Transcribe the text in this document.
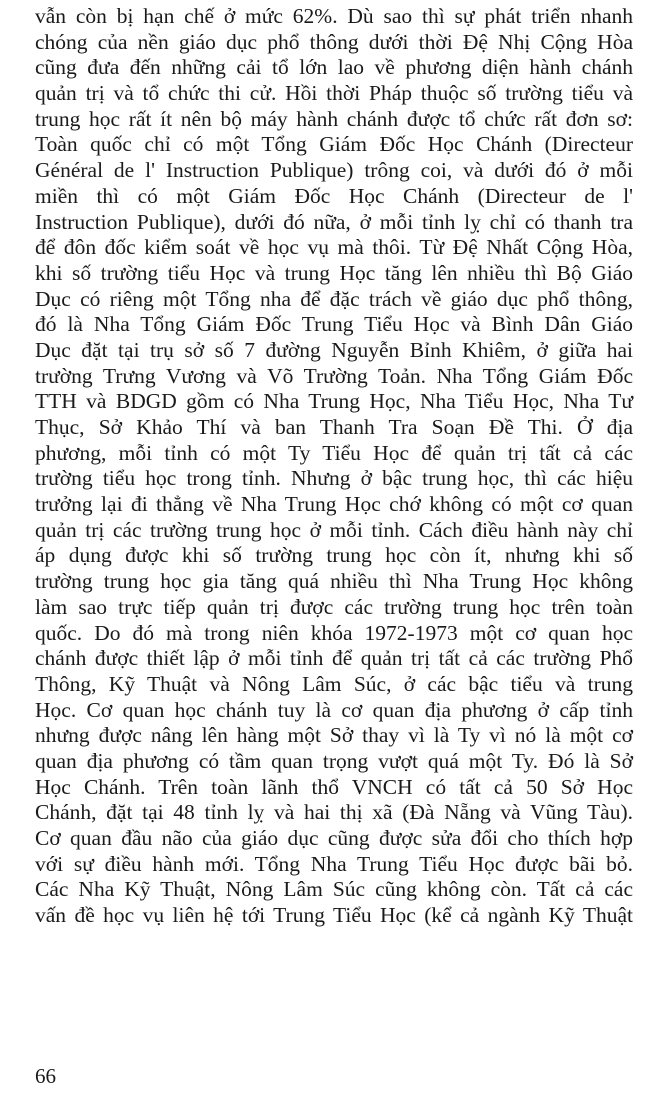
vẫn còn bị hạn chế ở mức 62%. Dù sao thì sự phát triển nhanh
chóng của nền giáo dục phổ thông dưới thời Đệ Nhị Cộng Hòa
cũng đưa đến những cải tổ lớn lao về phương diện hành chánh
quản trị và tổ chức thi cử. Hồi thời Pháp thuộc số trường tiểu và
trung học rất ít nên bộ máy hành chánh được tổ chức rất đơn sơ:
Toàn quốc chỉ có một Tổng Giám Đốc Học Chánh (Directeur
Général de l' Instruction Publique) trông coi, và dưới đó ở mỗi
miền thì có một Giám Đốc Học Chánh (Directeur de l'
Instruction Publique), dưới đó nữa, ở mỗi tỉnh lỵ chỉ có thanh tra
để đôn đốc kiểm soát về học vụ mà thôi. Từ Đệ Nhất Cộng Hòa,
khi số trường tiểu Học và trung Học tăng lên nhiều thì Bộ Giáo
Dục có riêng một Tổng nha để đặc trách về giáo dục phổ thông,
đó là Nha Tổng Giám Đốc Trung Tiểu Học và Bình Dân Giáo
Dục đặt tại trụ sở số 7 đường Nguyễn Bỉnh Khiêm, ở giữa hai
trường Trưng Vương và Võ Trường Toản. Nha Tổng Giám Đốc
TTH và BDGD gồm có Nha Trung Học, Nha Tiểu Học, Nha Tư
Thục, Sở Khảo Thí và ban Thanh Tra Soạn Đề Thi. Ở địa
phương, mỗi tỉnh có một Ty Tiểu Học để quản trị tất cả các
trường tiểu học trong tỉnh. Nhưng ở bậc trung học, thì các hiệu
trưởng lại đi thẳng về Nha Trung Học chớ không có một cơ quan
quản trị các trường trung học ở mỗi tỉnh. Cách điều hành này chỉ
áp dụng được khi số trường trung học còn ít, nhưng khi số
trường trung học gia tăng quá nhiều thì Nha Trung Học không
làm sao trực tiếp quản trị được các trường trung học trên toàn
quốc. Do đó mà trong niên khóa 1972-1973 một cơ quan học
chánh được thiết lập ở mỗi tỉnh để quản trị tất cả các trường Phổ
Thông, Kỹ Thuật và Nông Lâm Súc, ở các bậc tiểu và trung
Học. Cơ quan học chánh tuy là cơ quan địa phương ở cấp tỉnh
nhưng được nâng lên hàng một Sở thay vì là Ty vì nó là một cơ
quan địa phương có tầm quan trọng vượt quá một Ty. Đó là Sở
Học Chánh. Trên toàn lãnh thổ VNCH có tất cả 50 Sở Học
Chánh, đặt tại 48 tỉnh lỵ và hai thị xã (Đà Nẵng và Vũng Tàu).
Cơ quan đầu não của giáo dục cũng được sửa đổi cho thích hợp
với sự điều hành mới. Tổng Nha Trung Tiểu Học được bãi bỏ.
Các Nha Kỹ Thuật, Nông Lâm Súc cũng không còn. Tất cả các
vấn đề học vụ liên hệ tới Trung Tiểu Học (kể cả ngành Kỹ Thuật
66
